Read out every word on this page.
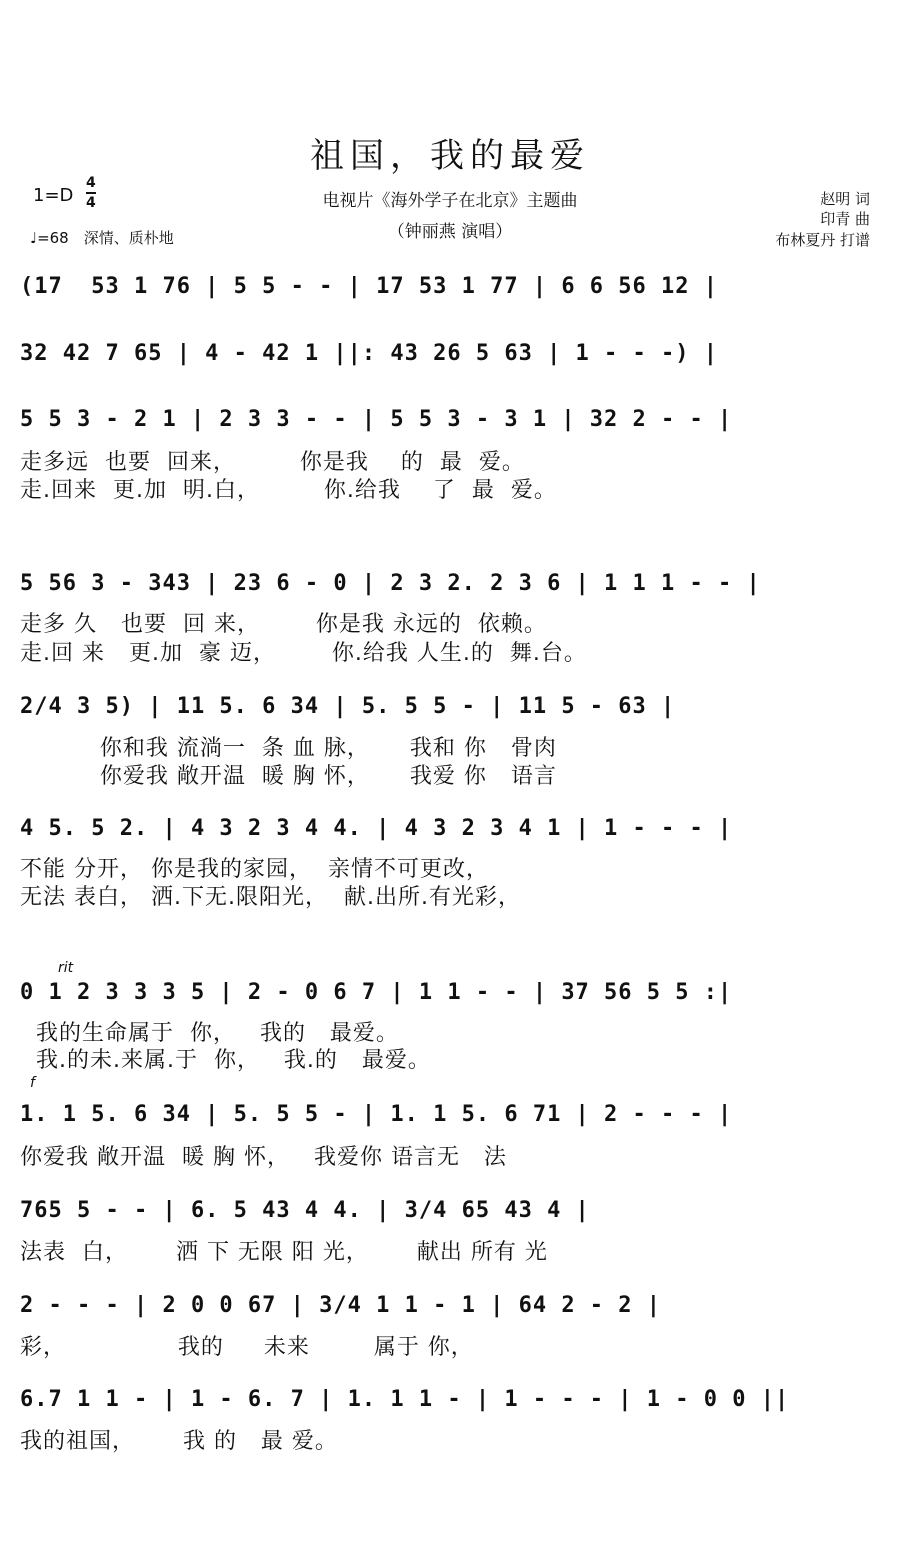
祖国，我的最爱
电视片《海外学子在北京》主题曲
（钟丽燕 演唱）
$1=D \frac{4}{4}$
♩=68　深情、质朴地
赵明 词
印青 曲
布林夏丹 打谱
(17  53 1 76 | 5 5 - - | 17 53 1 77 | 6 6 56 12 |
32 42 7 65 | 4 - 42 1 ||: 43 26 5 63 | 1 - - -) |
5 5 3 - 2 1 | 2 3 3 - - | 5 5 3 - 3 1 | 32 2 - - |
走多远  也要  回来，        你是我    的  最  爱。
走.回来  更.加  明.白，        你.给我    了  最  爱。
5 56 3 - 343 | 23 6 - 0 | 2 3 2. 2 3 6 | 1 1 1 - - |
走多 久   也要  回 来，       你是我 永远的  依赖。
走.回 来   更.加  豪 迈，       你.给我 人生.的  舞.台。
2/4 3 5) | 11 5. 6 34 | 5. 5 5 - | 11 5 - 63 |
你和我 流淌一  条 血 脉，     我和 你   骨肉
你爱我 敞开温  暖 胸 怀，     我爱 你   语言
4 5. 5 2. | 4 3 2 3 4 4. | 4 3 2 3 4 1 | 1 - - - |
不能 分开， 你是我的家园，  亲情不可更改，
无法 表白， 洒.下无.限阳光，  献.出所.有光彩，
rit
0 1 2 3 3 3 5 | 2 - 0 6 7 | 1 1 - - | 37 56 5 5 :|
我的生命属于  你，   我的   最爱。
我.的未.来属.于  你，   我.的   最爱。
f
1. 1 5. 6 34 | 5. 5 5 - | 1. 1 5. 6 71 | 2 - - - |
你爱我 敞开温  暖 胸 怀，   我爱你 语言无   法
765 5 - - | 6. 5 43 4 4. | 3/4 65 43 4 |
法表  白，      洒 下 无限 阳 光，      献出 所有 光
2 - - - | 2 0 0 67 | 3/4 1 1 - 1 | 64 2 - 2 |
彩，              我的     未来        属于 你，
6.7 1 1 - | 1 - 6. 7 | 1. 1 1 - | 1 - - - | 1 - 0 0 ||
我的祖国，      我 的   最 爱。
